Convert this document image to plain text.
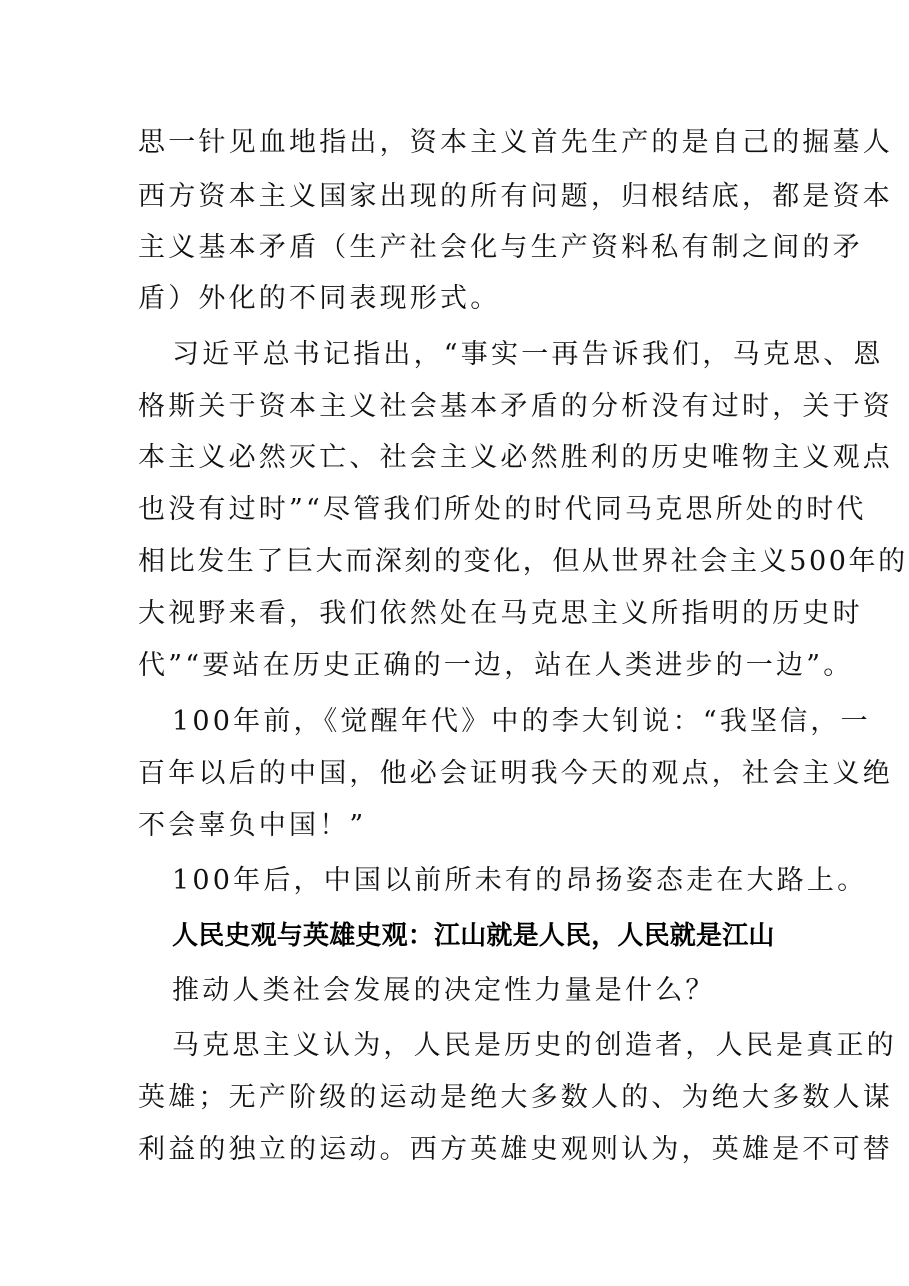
思一针见血地指出，资本主义首先生产的是自己的掘墓人
西方资本主义国家出现的所有问题，归根结底，都是资本
主义基本矛盾（生产社会化与生产资料私有制之间的矛
盾）外化的不同表现形式。
习近平总书记指出，“事实一再告诉我们，马克思、恩
格斯关于资本主义社会基本矛盾的分析没有过时，关于资
本主义必然灭亡、社会主义必然胜利的历史唯物主义观点
也没有过时”“尽管我们所处的时代同马克思所处的时代
相比发生了巨大而深刻的变化，但从世界社会主义500年的
大视野来看，我们依然处在马克思主义所指明的历史时
代”“要站在历史正确的一边，站在人类进步的一边”。
100年前，《觉醒年代》中的李大钊说：“我坚信，一
百年以后的中国，他必会证明我今天的观点，社会主义绝
不会辜负中国！”
100年后，中国以前所未有的昂扬姿态走在大路上。
人民史观与英雄史观：江山就是人民，人民就是江山
推动人类社会发展的决定性力量是什么？
马克思主义认为，人民是历史的创造者，人民是真正的
英雄；无产阶级的运动是绝大多数人的、为绝大多数人谋
利益的独立的运动。西方英雄史观则认为，英雄是不可替
